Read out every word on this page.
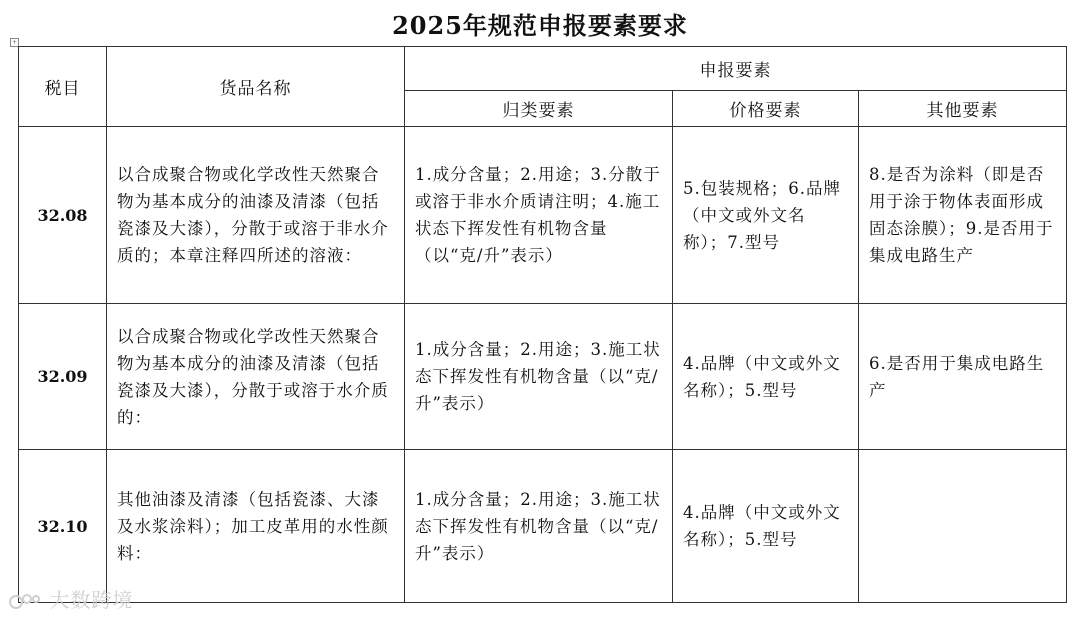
2025年规范申报要素要求
+
税目	货品名称	申报要素		
		归类要素	价格要素	其他要素
32.08	以合成聚合物或化学改性天然聚合物为基本成分的油漆及清漆（包括瓷漆及大漆），分散于或溶于非水介质的；本章注释四所述的溶液：	1.成分含量；2.用途；3.分散于或溶于非水介质请注明；4.施工状态下挥发性有机物含量（以“克/升”表示）	5.包装规格；6.品牌（中文或外文名称）；7.型号	8.是否为涂料（即是否用于涂于物体表面形成固态涂膜）；9.是否用于集成电路生产
32.09	以合成聚合物或化学改性天然聚合物为基本成分的油漆及清漆（包括瓷漆及大漆），分散于或溶于水介质的：	1.成分含量；2.用途；3.施工状态下挥发性有机物含量（以“克/升”表示）	4.品牌（中文或外文名称）；5.型号	6.是否用于集成电路生产
32.10	其他油漆及清漆（包括瓷漆、大漆及水浆涂料）；加工皮革用的水性颜料：	1.成分含量；2.用途；3.施工状态下挥发性有机物含量（以“克/升”表示）	4.品牌（中文或外文名称）；5.型号	
大数跨境
